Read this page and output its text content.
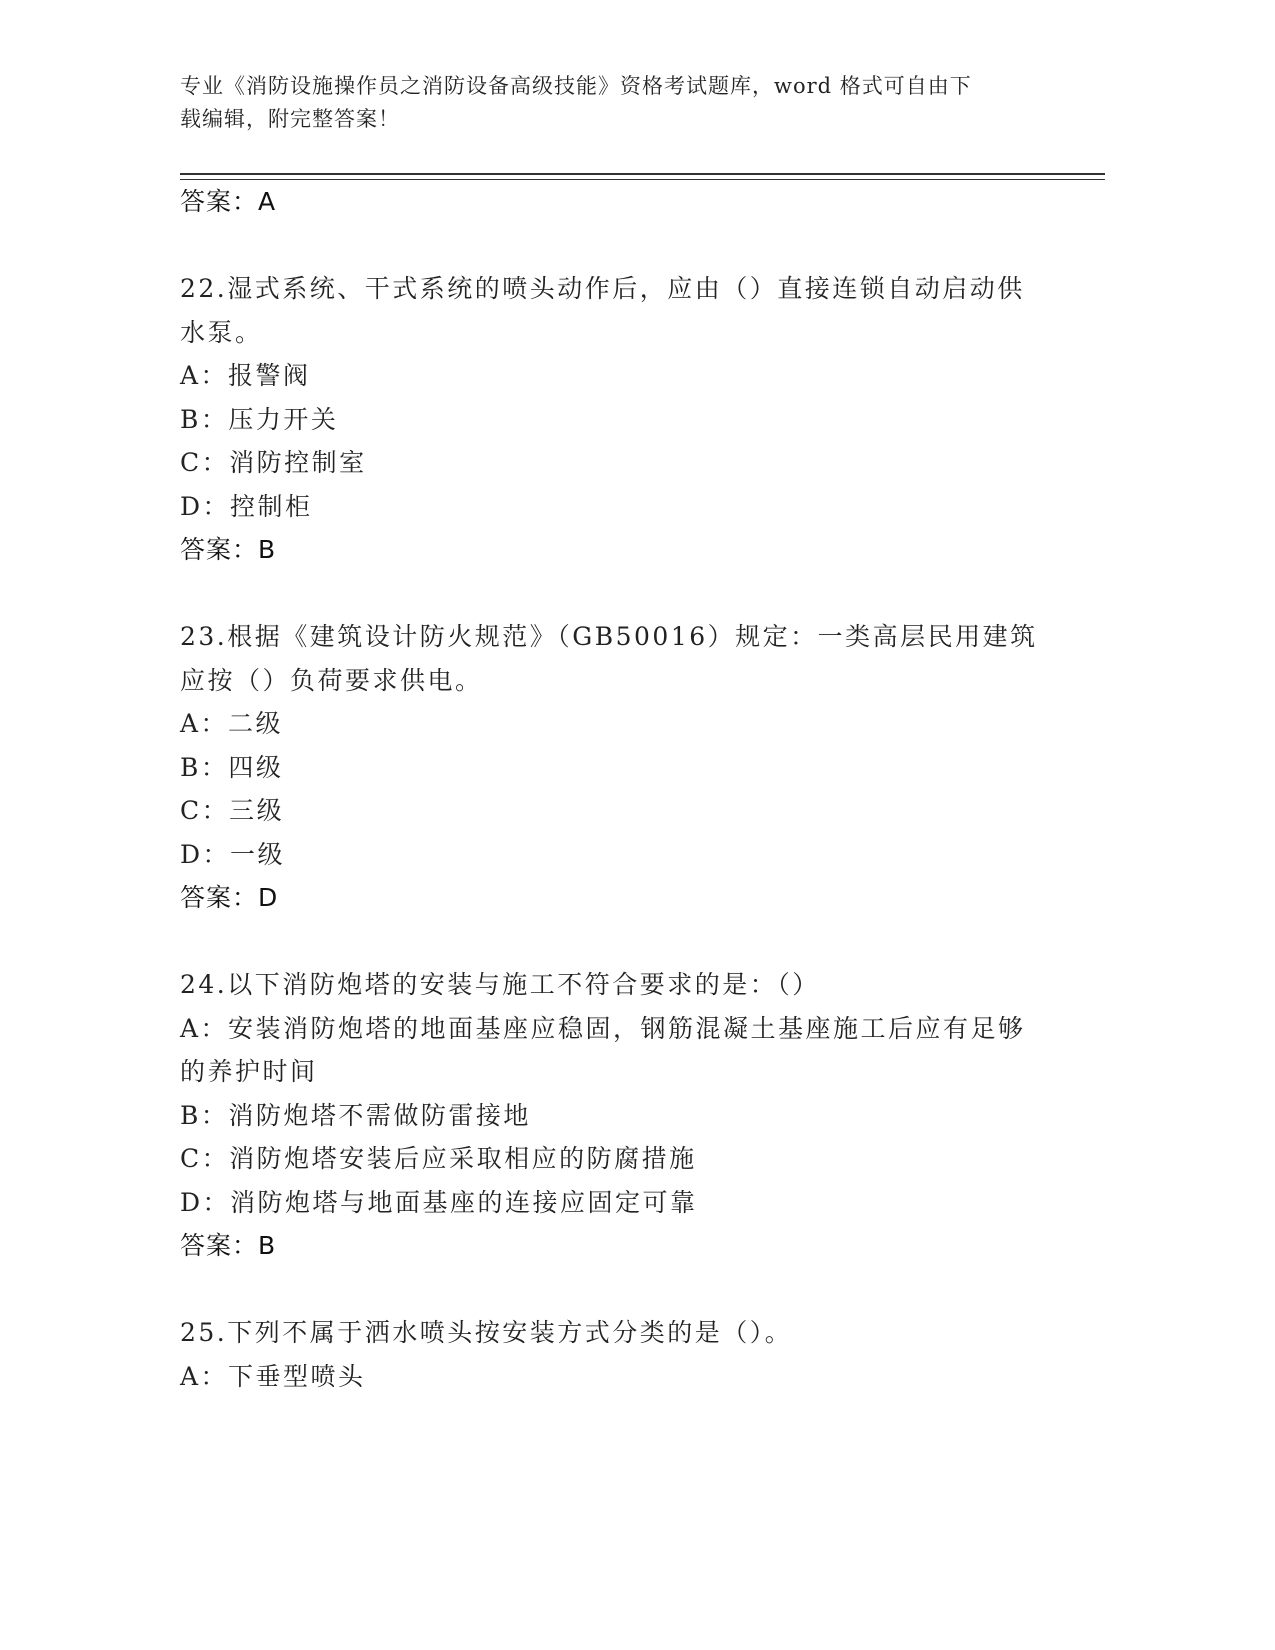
专业《消防设施操作员之消防设备高级技能》资格考试题库，word 格式可自由下
载编辑，附完整答案！
答案：A
22.湿式系统、干式系统的喷头动作后，应由（）直接连锁自动启动供
水泵。
A：报警阀
B：压力开关
C：消防控制室
D：控制柜
答案：B
23.根据《建筑设计防火规范》（GB50016）规定：一类高层民用建筑
应按（）负荷要求供电。
A：二级
B：四级
C：三级
D：一级
答案：D
24.以下消防炮塔的安装与施工不符合要求的是：（）
A：安装消防炮塔的地面基座应稳固，钢筋混凝土基座施工后应有足够
的养护时间
B：消防炮塔不需做防雷接地
C：消防炮塔安装后应采取相应的防腐措施
D：消防炮塔与地面基座的连接应固定可靠
答案：B
25.下列不属于洒水喷头按安装方式分类的是（）。
A：下垂型喷头
